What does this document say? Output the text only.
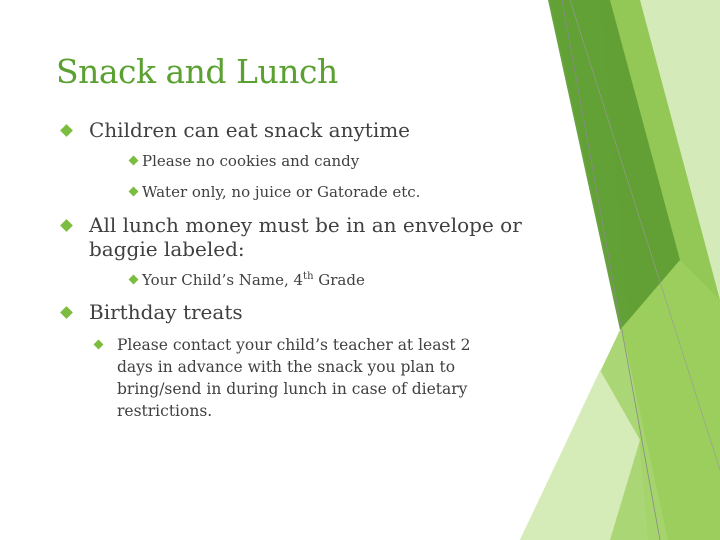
Snack and Lunch
Children can eat snack anytime
Please no cookies and candy
Water only, no juice or Gatorade etc.
All lunch money must be in an envelope or
baggie labeled:
Your Child’s Name, 4th Grade
Birthday treats
Please contact your child’s teacher at least 2
days in advance with the snack you plan to
bring/send in during lunch in case of dietary
restrictions.
